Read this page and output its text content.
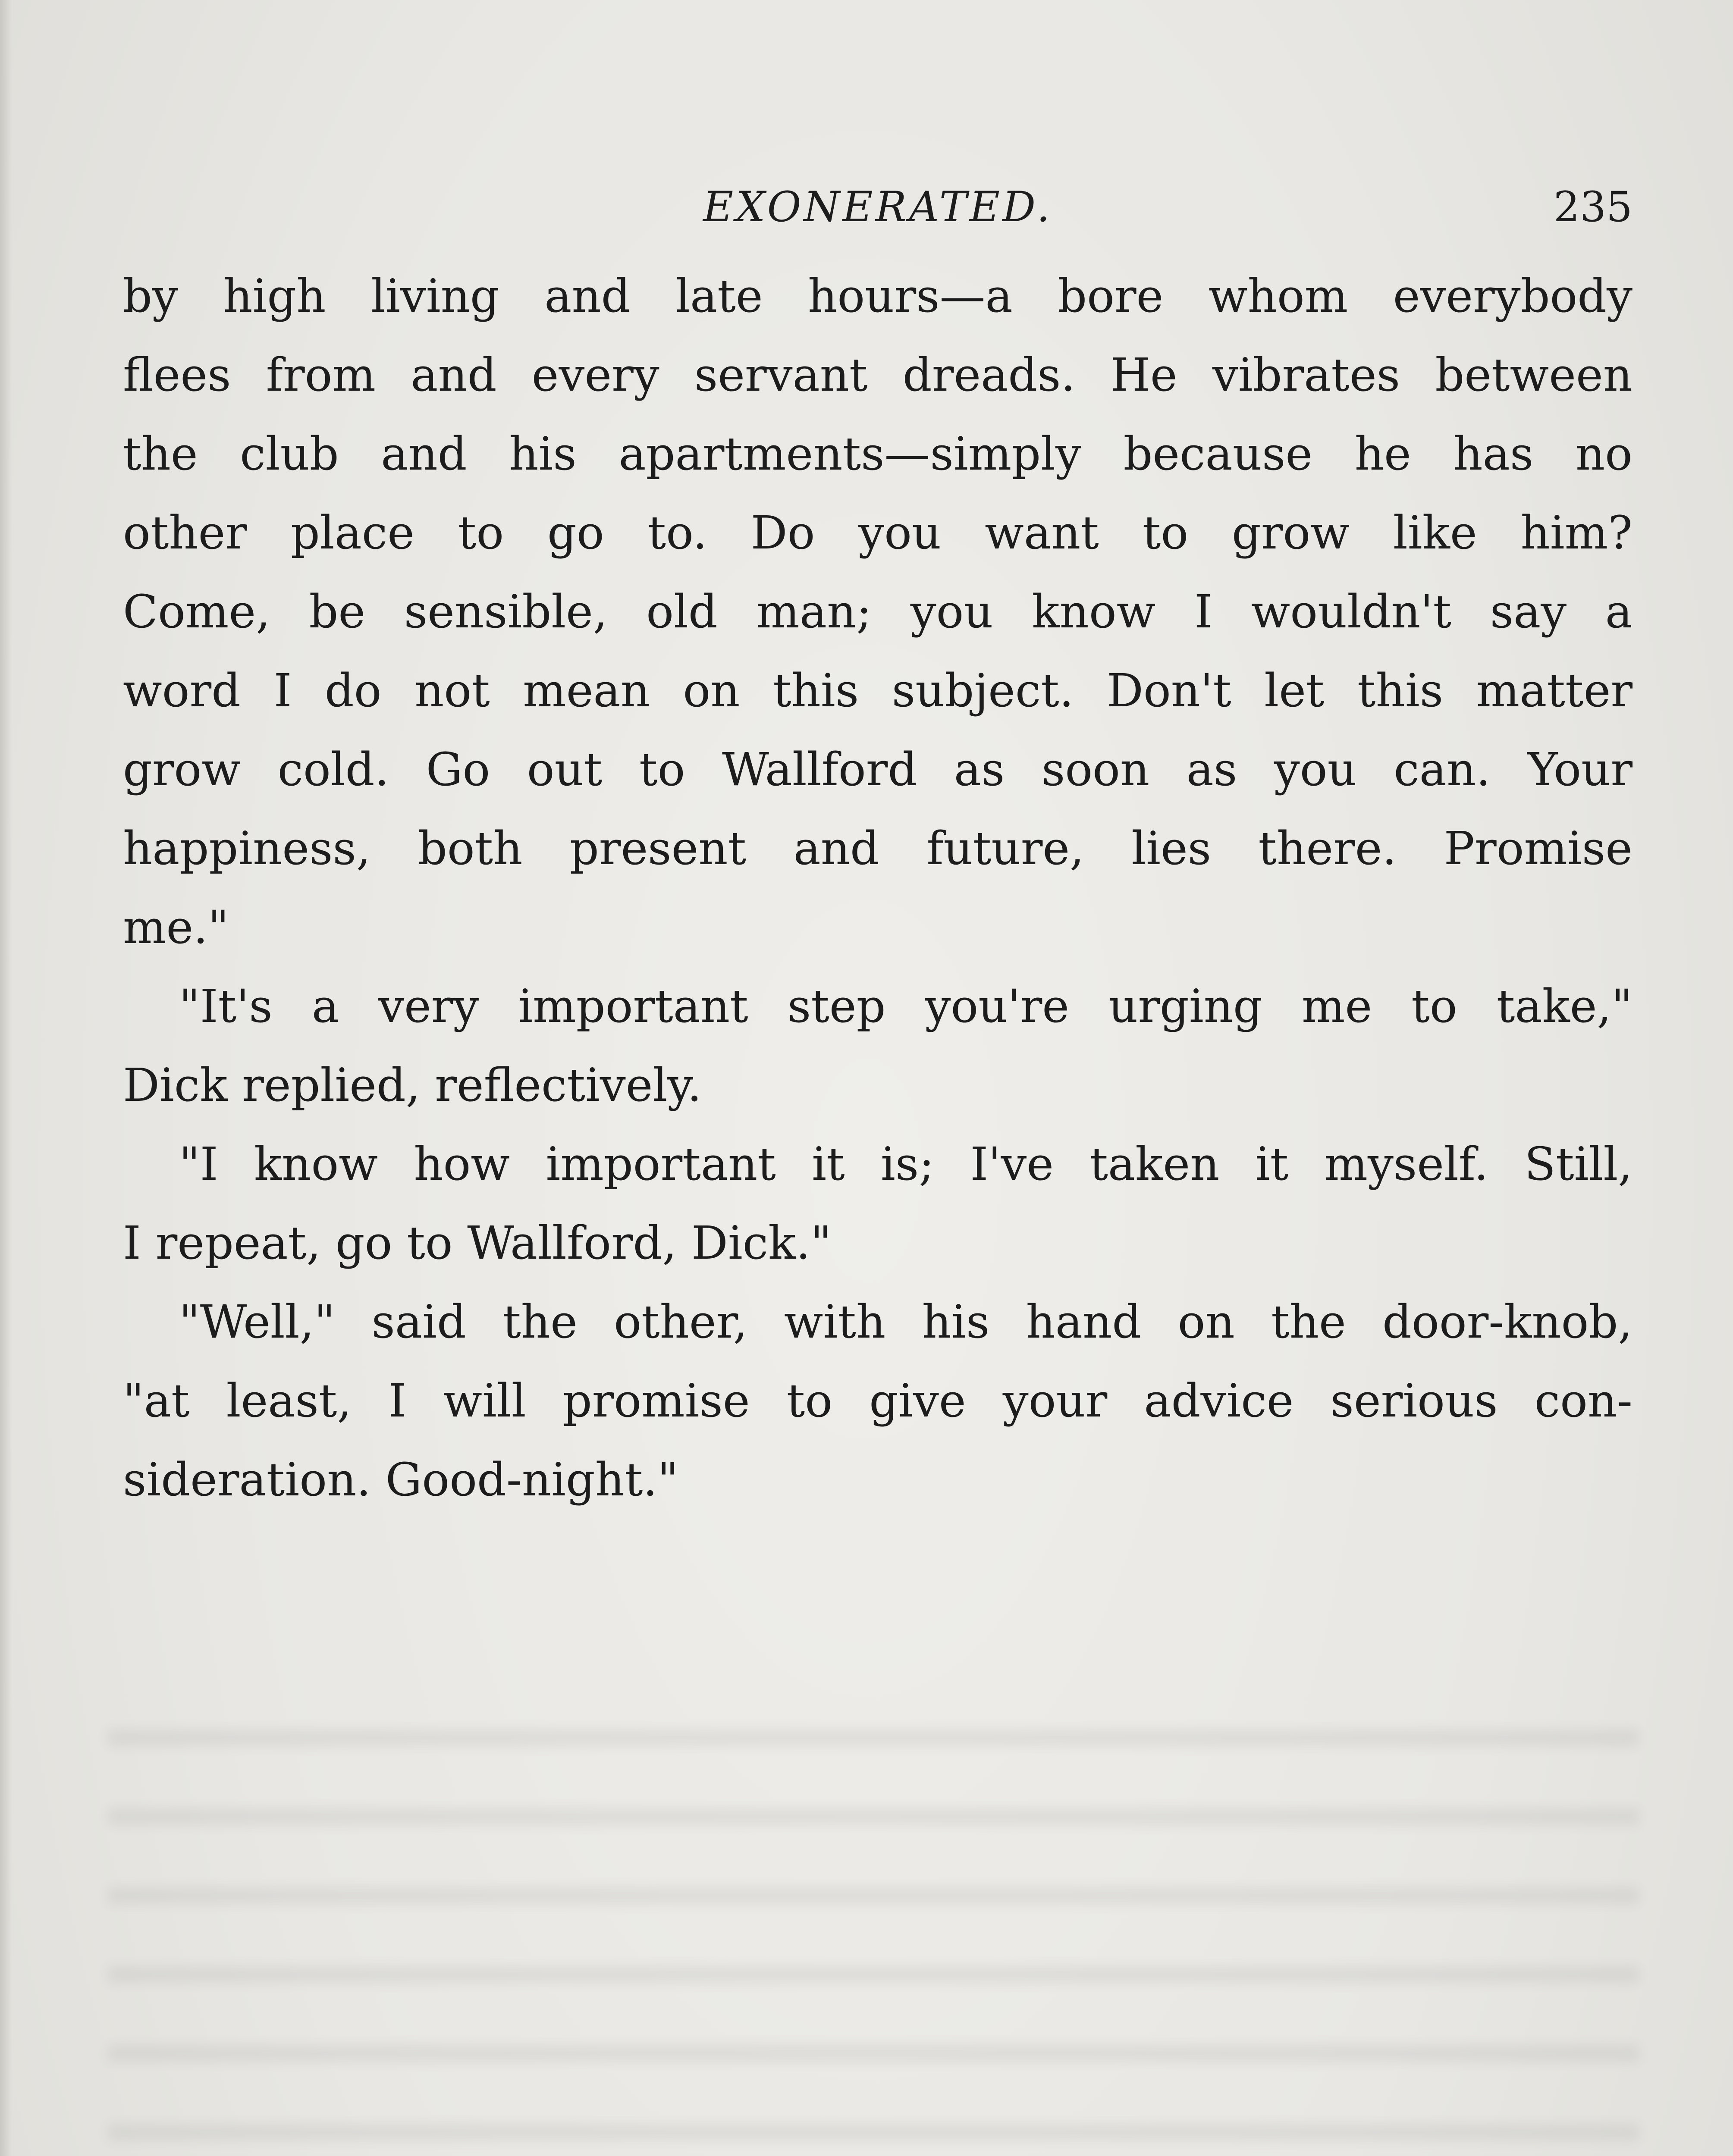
EXONERATED.	235
by high living and late hours—a bore whom everybody
flees from and every servant dreads. He vibrates between
the club and his apartments—simply because he has no
other place to go to. Do you want to grow like him?
Come, be sensible, old man; you know I wouldn't say a
word I do not mean on this subject. Don't let this matter
grow cold. Go out to Wallford as soon as you can. Your
happiness, both present and future, lies there. Promise
me."
"It's a very important step you're urging me to take,"
Dick replied, reflectively.
"I know how important it is; I've taken it myself. Still,
I repeat, go to Wallford, Dick."
"Well," said the other, with his hand on the door-knob,
"at least, I will promise to give your advice serious con-
sideration. Good-night."
